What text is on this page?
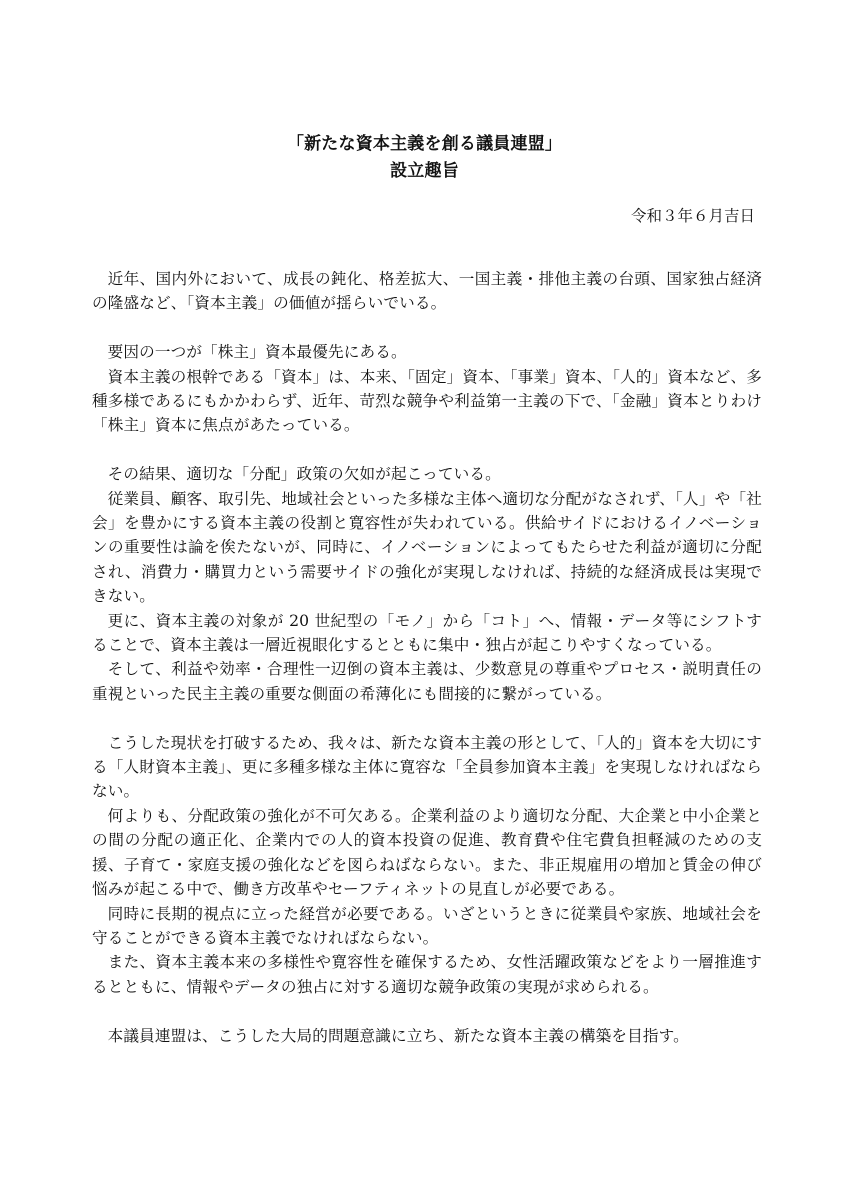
「新たな資本主義を創る議員連盟」
設立趣旨
令和３年６月吉日

近年、国内外において、成長の鈍化、格差拡大、一国主義・排他主義の台頭、国家独占経済の隆盛など、「資本主義」の価値が揺らいでいる。

要因の一つが「株主」資本最優先にある。

資本主義の根幹である「資本」は、本来、「固定」資本、「事業」資本、「人的」資本など、多種多様であるにもかかわらず、近年、苛烈な競争や利益第一主義の下で、「金融」資本とりわけ「株主」資本に焦点があたっている。

その結果、適切な「分配」政策の欠如が起こっている。

従業員、顧客、取引先、地域社会といった多様な主体へ適切な分配がなされず、「人」や「社会」を豊かにする資本主義の役割と寛容性が失われている。供給サイドにおけるイノベーションの重要性は論を俟たないが、同時に、イノベーションによってもたらせた利益が適切に分配され、消費力・購買力という需要サイドの強化が実現しなければ、持続的な経済成長は実現できない。

更に、資本主義の対象が 20 世紀型の「モノ」から「コト」へ、情報・データ等にシフトすることで、資本主義は一層近視眼化するとともに集中・独占が起こりやすくなっている。

そして、利益や効率・合理性一辺倒の資本主義は、少数意見の尊重やプロセス・説明責任の重視といった民主主義の重要な側面の希薄化にも間接的に繋がっている。

こうした現状を打破するため、我々は、新たな資本主義の形として、「人的」資本を大切にする「人財資本主義」、更に多種多様な主体に寛容な「全員参加資本主義」を実現しなければならない。

何よりも、分配政策の強化が不可欠ある。企業利益のより適切な分配、大企業と中小企業との間の分配の適正化、企業内での人的資本投資の促進、教育費や住宅費負担軽減のための支援、子育て・家庭支援の強化などを図らねばならない。また、非正規雇用の増加と賃金の伸び悩みが起こる中で、働き方改革やセーフティネットの見直しが必要である。

同時に長期的視点に立った経営が必要である。いざというときに従業員や家族、地域社会を守ることができる資本主義でなければならない。

また、資本主義本来の多様性や寛容性を確保するため、女性活躍政策などをより一層推進するとともに、情報やデータの独占に対する適切な競争政策の実現が求められる。

本議員連盟は、こうした大局的問題意識に立ち、新たな資本主義の構築を目指す。
